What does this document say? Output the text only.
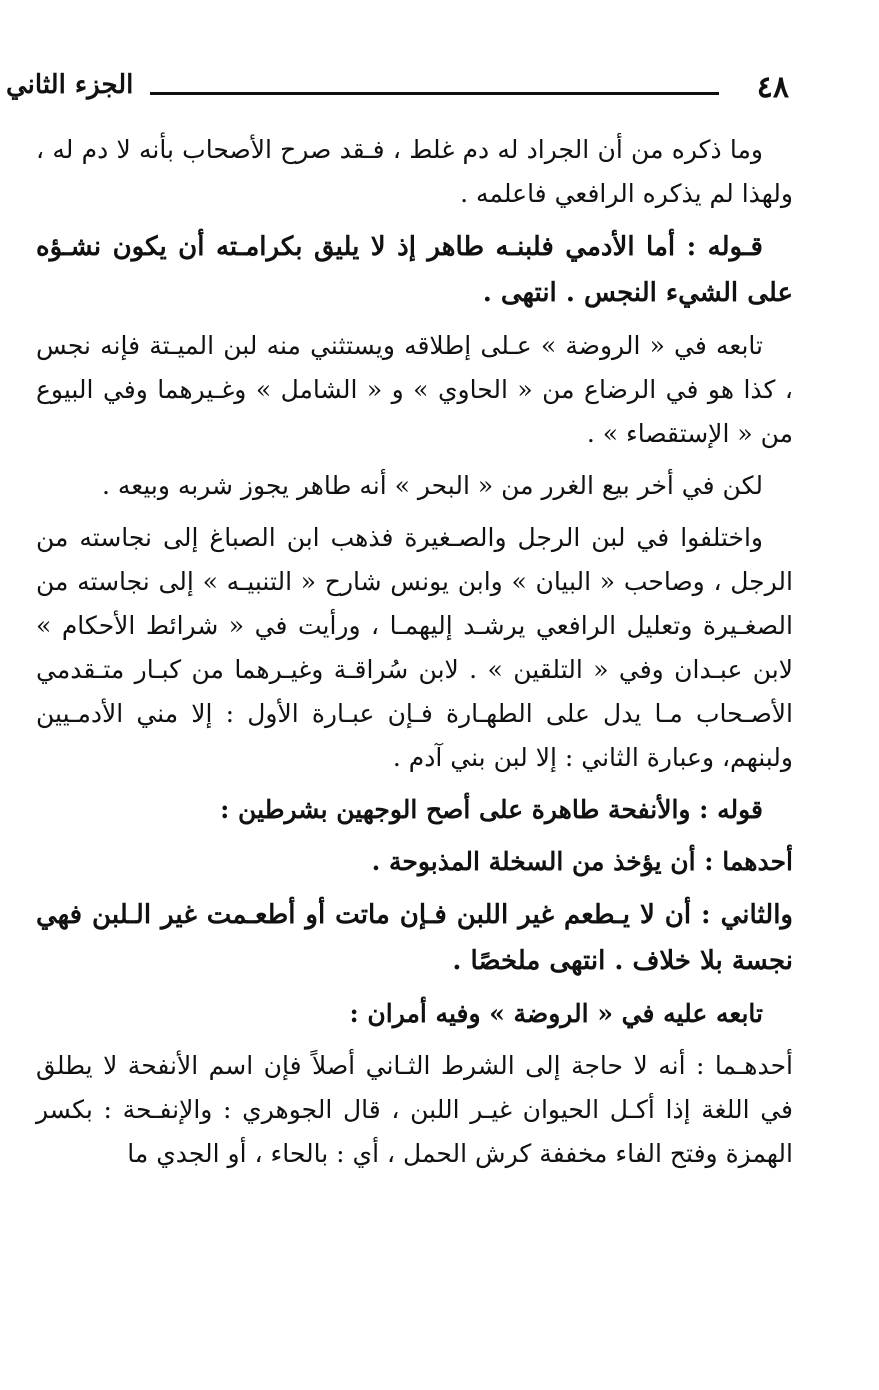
٤٨
الجزء الثاني

وما ذكره من أن الجراد له دم غلط ، فـقد صرح الأصحاب بأنه لا دم له ، ولهذا لم يذكره الرافعي فاعلمه .

قـوله : أما الأدمي فلبنـه طاهر إذ لا يليق بكرامـته أن يكون نشـؤه على الشيء النجس . انتهى .

تابعه في « الروضة » عـلى إطلاقه ويستثني منه لبن الميـتة فإنه نجس ، كذا هو في الرضاع من « الحاوي » و « الشامل » وغـيرهما وفي البيوع من « الإستقصاء » .

لكن في أخر بيع الغرر من « البحر » أنه طاهر يجوز شربه وبيعه .

واختلفوا في لبن الرجل والصـغيرة فذهب ابن الصباغ إلى نجاسته من الرجل ، وصاحب « البيان » وابن يونس شارح « التنبيـه » إلى نجاسته من الصغـيرة وتعليل الرافعي يرشـد إليهمـا ، ورأيت في « شرائط الأحكام » لابن عبـدان وفي « التلقين » . لابن سُراقـة وغيـرهما من كبـار متـقدمي الأصـحاب مـا يدل على الطهـارة فـإن عبـارة الأول : إلا مني الأدمـيين ولبنهم، وعبارة الثاني : إلا لبن بني آدم .

قوله : والأنفحة طاهرة على أصح الوجهين بشرطين :

أحدهما : أن يؤخذ من السخلة المذبوحة .

والثاني : أن لا يـطعم غير اللبن فـإن ماتت أو أطعـمت غير الـلبن فهي نجسة بلا خلاف . انتهى ملخصًا .

تابعه عليه في « الروضة » وفيه أمران :

أحدهـما : أنه لا حاجة إلى الشرط الثـاني أصلاً فإن اسم الأنفحة لا يطلق في اللغة إذا أكـل الحيوان غيـر اللبن ، قال الجوهري : والإنفـحة : بكسر الهمزة وفتح الفاء مخففة كرش الحمل ، أي : بالحاء ، أو الجدي ما
